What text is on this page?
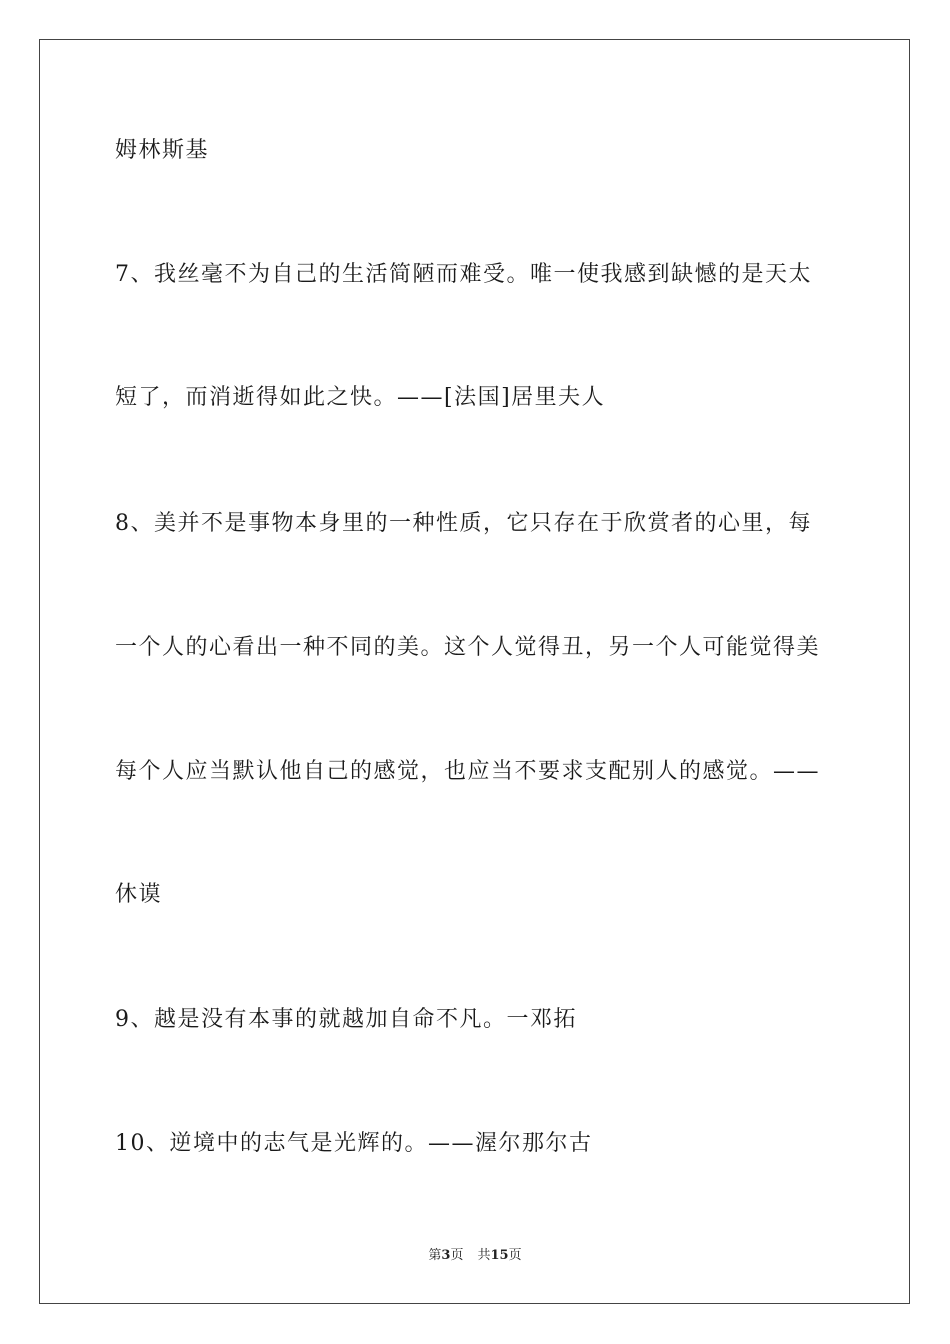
姆林斯基
7、我丝毫不为自己的生活简陋而难受。唯一使我感到缺憾的是天太
短了，而消逝得如此之快。——[法国]居里夫人
8、美并不是事物本身里的一种性质，它只存在于欣赏者的心里，每
一个人的心看出一种不同的美。这个人觉得丑，另一个人可能觉得美
每个人应当默认他自己的感觉，也应当不要求支配别人的感觉。——
休谟
9、越是没有本事的就越加自命不凡。一邓拓
10、逆境中的志气是光辉的。——渥尔那尔古
第3页 共15页
